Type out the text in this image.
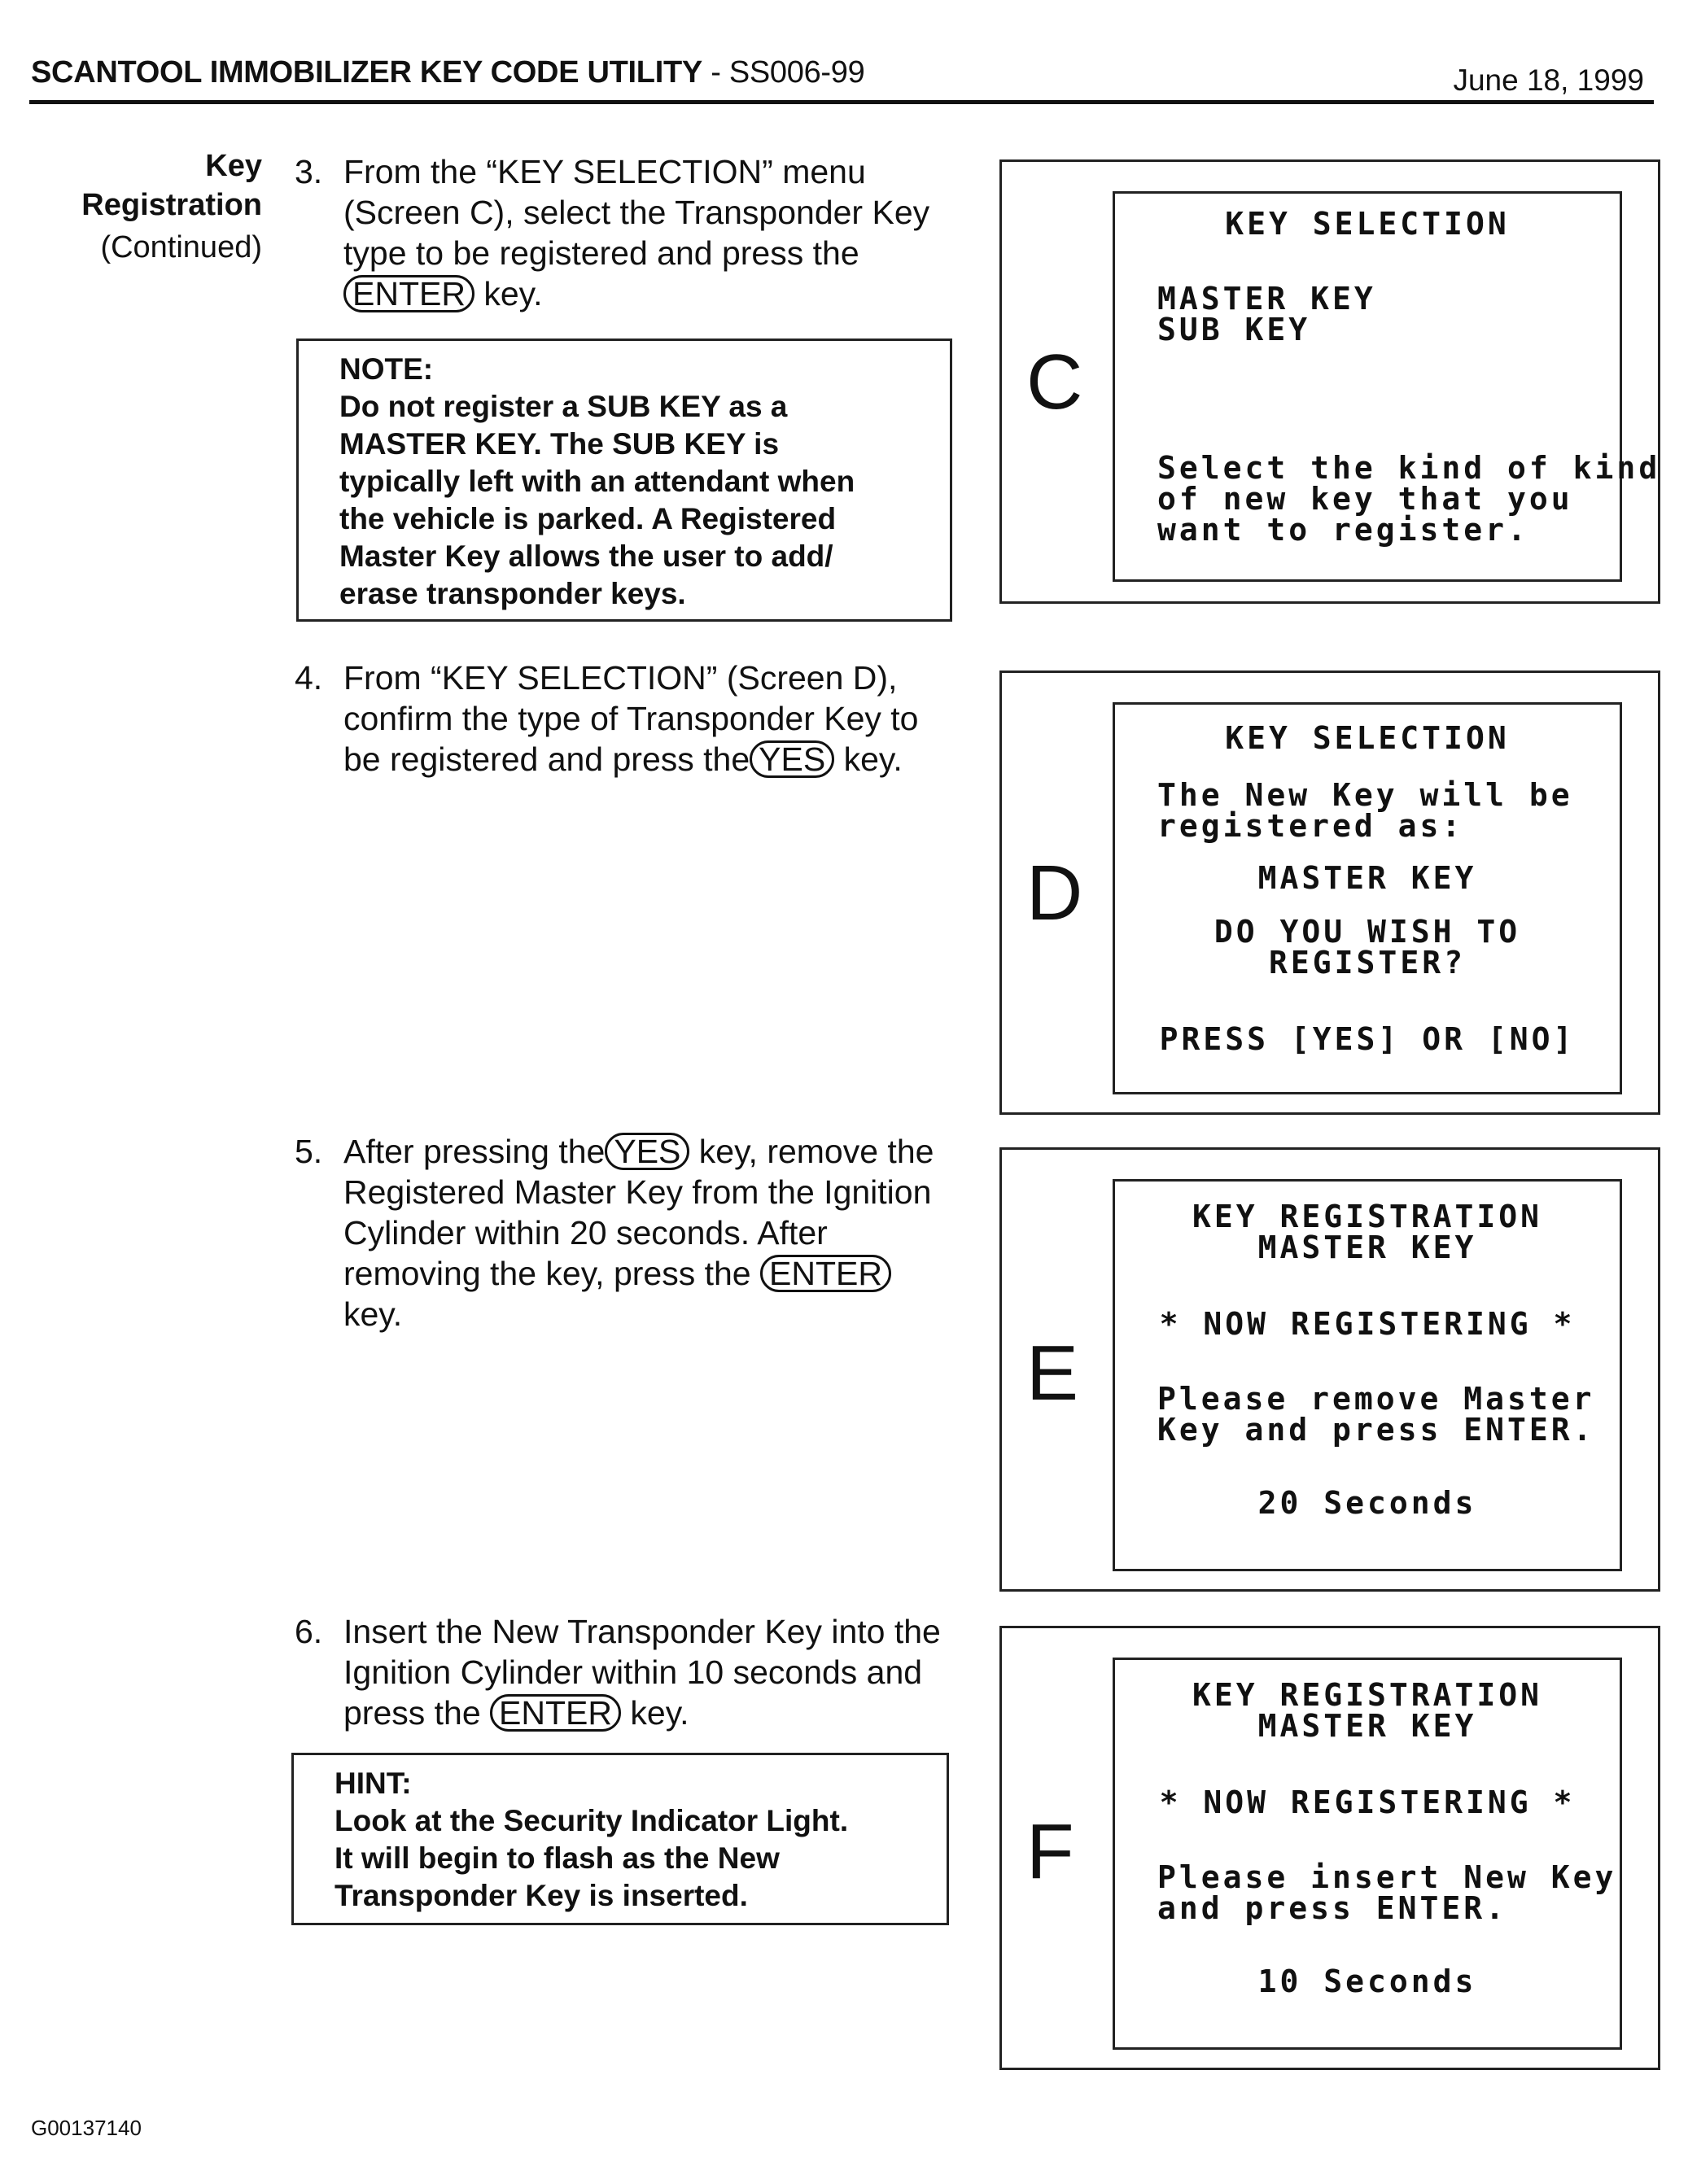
SCANTOOL IMMOBILIZER KEY CODE UTILITY - SS006-99	June 18, 1999
Key
Registration
(Continued)
3. From the “KEY SELECTION” menu
(Screen C), select the Transponder Key
type to be registered and press the
ENTER key.
NOTE:
Do not register a SUB KEY as a
MASTER KEY. The SUB KEY is
typically left with an attendant when
the vehicle is parked. A Registered
Master Key allows the user to add/
erase transponder keys.
4. From “KEY SELECTION” (Screen D),
confirm the type of Transponder Key to
be registered and press the YES key.
5. After pressing the YES key, remove the
Registered Master Key from the Ignition
Cylinder within 20 seconds. After
removing the key, press the ENTER
key.
6. Insert the New Transponder Key into the
Ignition Cylinder within 10 seconds and
press the ENTER key.
HINT:
Look at the Security Indicator Light.
It will begin to flash as the New
Transponder Key is inserted.
C
KEY SELECTION
MASTER KEY
SUB KEY
Select the kind of kind
of new key that you
want to register.
D
KEY SELECTION
The New Key will be
registered as:
MASTER KEY
DO YOU WISH TO
REGISTER?
PRESS [YES] OR [NO]
E
KEY REGISTRATION
MASTER KEY
* NOW REGISTERING *
Please remove Master
Key and press ENTER.
20 Seconds
F
KEY REGISTRATION
MASTER KEY
* NOW REGISTERING *
Please insert New Key
and press ENTER.
10 Seconds
G00137140
